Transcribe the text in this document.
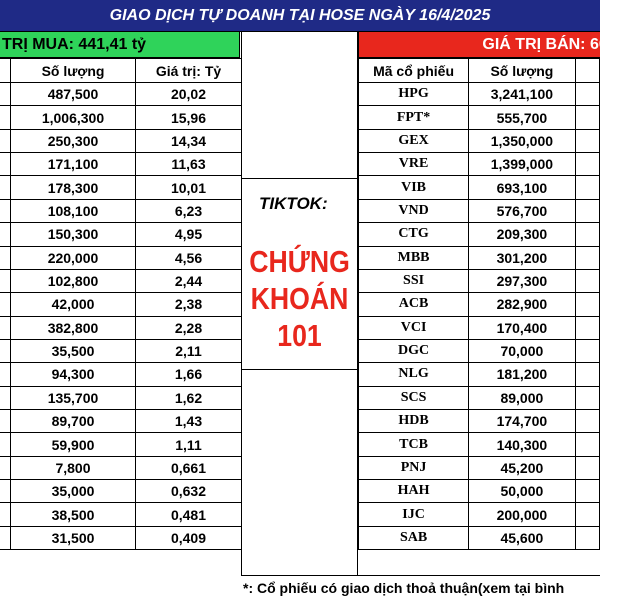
GIAO DỊCH TỰ DOANH TẠI HOSE NGÀY 16/4/2025
TRỊ MUA: 441,41 tỷ
TIKTOK:
CHỨNG
KHOÁN
101
GIÁ TRỊ BÁN: 665,4
	Số lượng	Giá trị: Tỷ
	487,500	20,02
	1,006,300	15,96
	250,300	14,34
	171,100	11,63
	178,300	10,01
	108,100	6,23
	150,300	4,95
	220,000	4,56
	102,800	2,44
	42,000	2,38
	382,800	2,28
	35,500	2,11
	94,300	1,66
	135,700	1,62
	89,700	1,43
	59,900	1,11
	7,800	0,661
	35,000	0,632
	38,500	0,481
	31,500	0,409
Mã cổ phiếu	Số lượng	
HPG	3,241,100	
FPT*	555,700	
GEX	1,350,000	
VRE	1,399,000	
VIB	693,100	
VND	576,700	
CTG	209,300	
MBB	301,200	
SSI	297,300	
ACB	282,900	
VCI	170,400	
DGC	70,000	
NLG	181,200	
SCS	89,000	
HDB	174,700	
TCB	140,300	
PNJ	45,200	
HAH	50,000	
IJC	200,000	
SAB	45,600	
*: Cổ phiếu có giao dịch thoả thuận(xem tại bình
